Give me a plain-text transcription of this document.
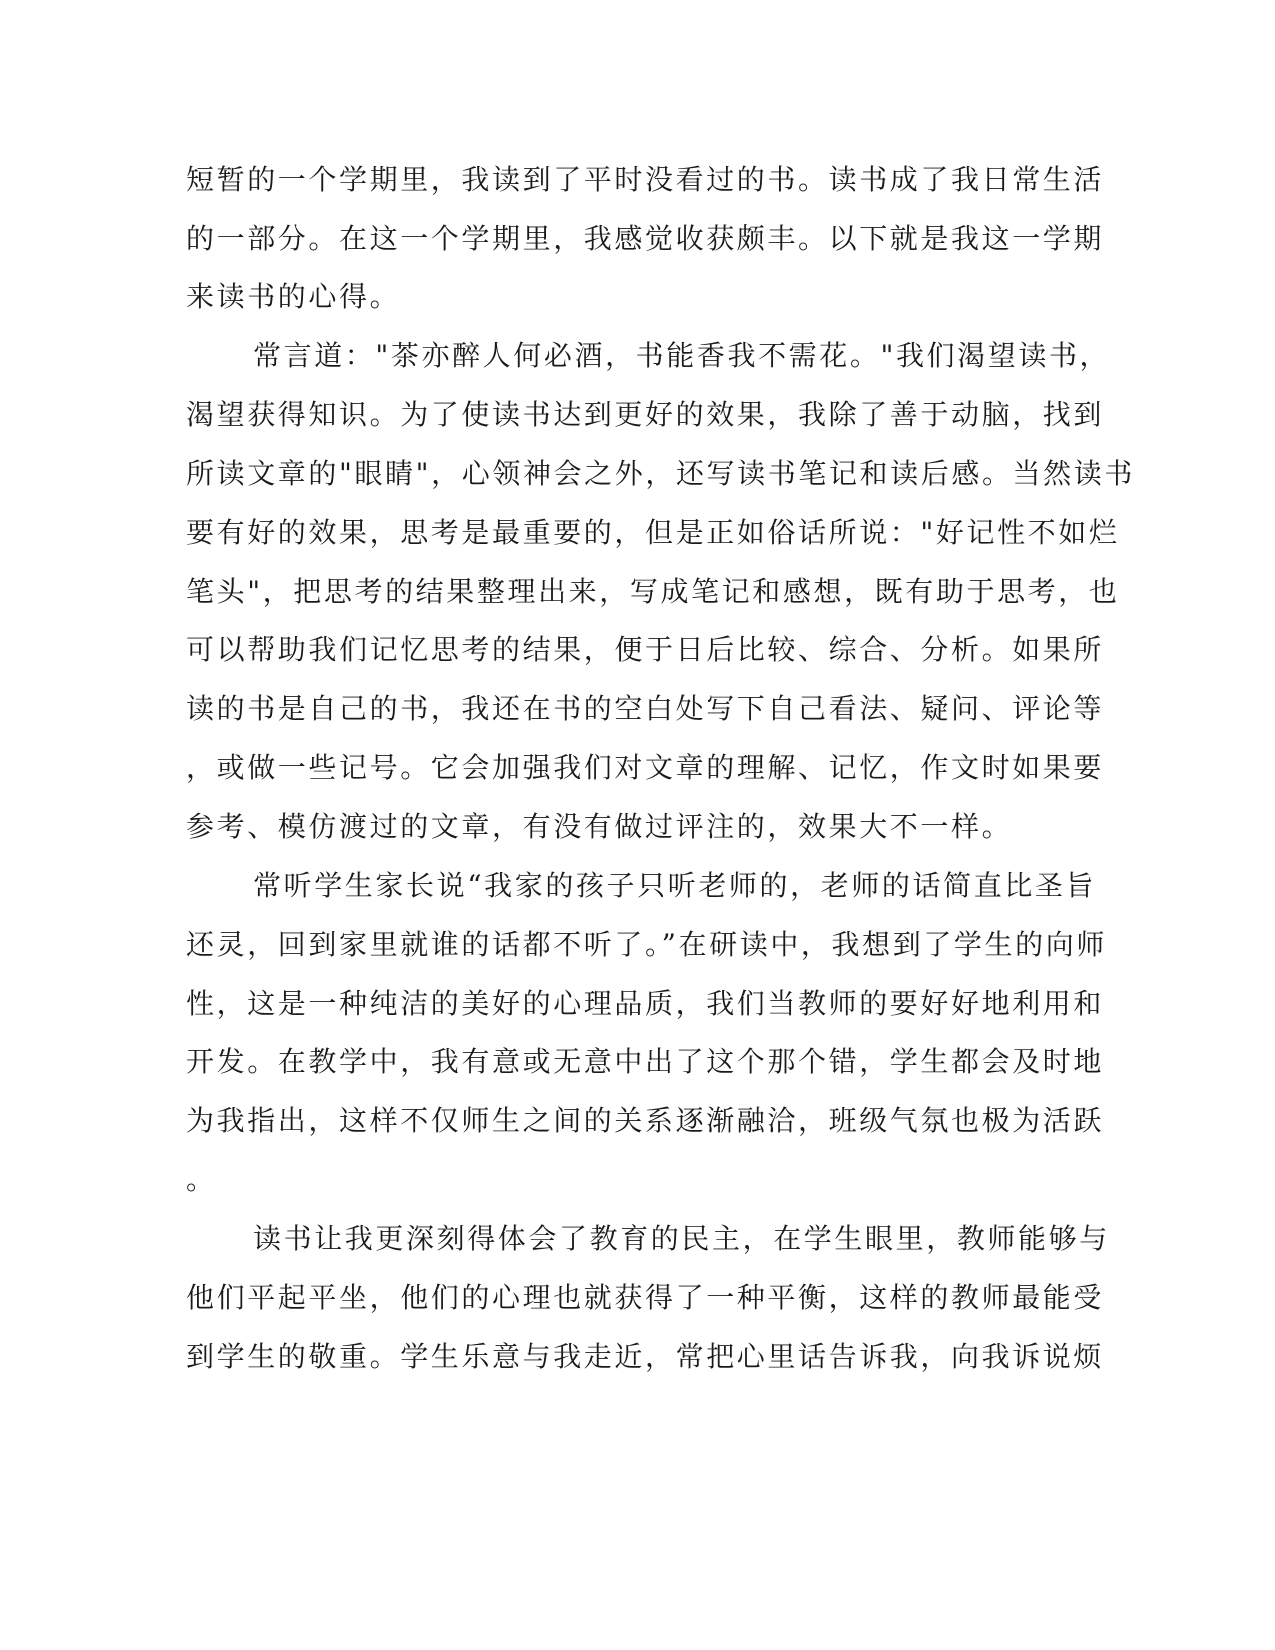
短暂的一个学期里，我读到了平时没看过的书。读书成了我日常生活
的一部分。在这一个学期里，我感觉收获颇丰。以下就是我这一学期
来读书的心得。
常言道："茶亦醉人何必酒，书能香我不需花。"我们渴望读书，
渴望获得知识。为了使读书达到更好的效果，我除了善于动脑，找到
所读文章的"眼睛"，心领神会之外，还写读书笔记和读后感。当然读书
要有好的效果，思考是最重要的，但是正如俗话所说："好记性不如烂
笔头"，把思考的结果整理出来，写成笔记和感想，既有助于思考，也
可以帮助我们记忆思考的结果，便于日后比较、综合、分析。如果所
读的书是自己的书，我还在书的空白处写下自己看法、疑问、评论等
，或做一些记号。它会加强我们对文章的理解、记忆，作文时如果要
参考、模仿渡过的文章，有没有做过评注的，效果大不一样。
常听学生家长说“我家的孩子只听老师的，老师的话简直比圣旨
还灵，回到家里就谁的话都不听了。”在研读中，我想到了学生的向师
性，这是一种纯洁的美好的心理品质，我们当教师的要好好地利用和
开发。在教学中，我有意或无意中出了这个那个错，学生都会及时地
为我指出，这样不仅师生之间的关系逐渐融洽，班级气氛也极为活跃
。
读书让我更深刻得体会了教育的民主，在学生眼里，教师能够与
他们平起平坐，他们的心理也就获得了一种平衡，这样的教师最能受
到学生的敬重。学生乐意与我走近，常把心里话告诉我，向我诉说烦
